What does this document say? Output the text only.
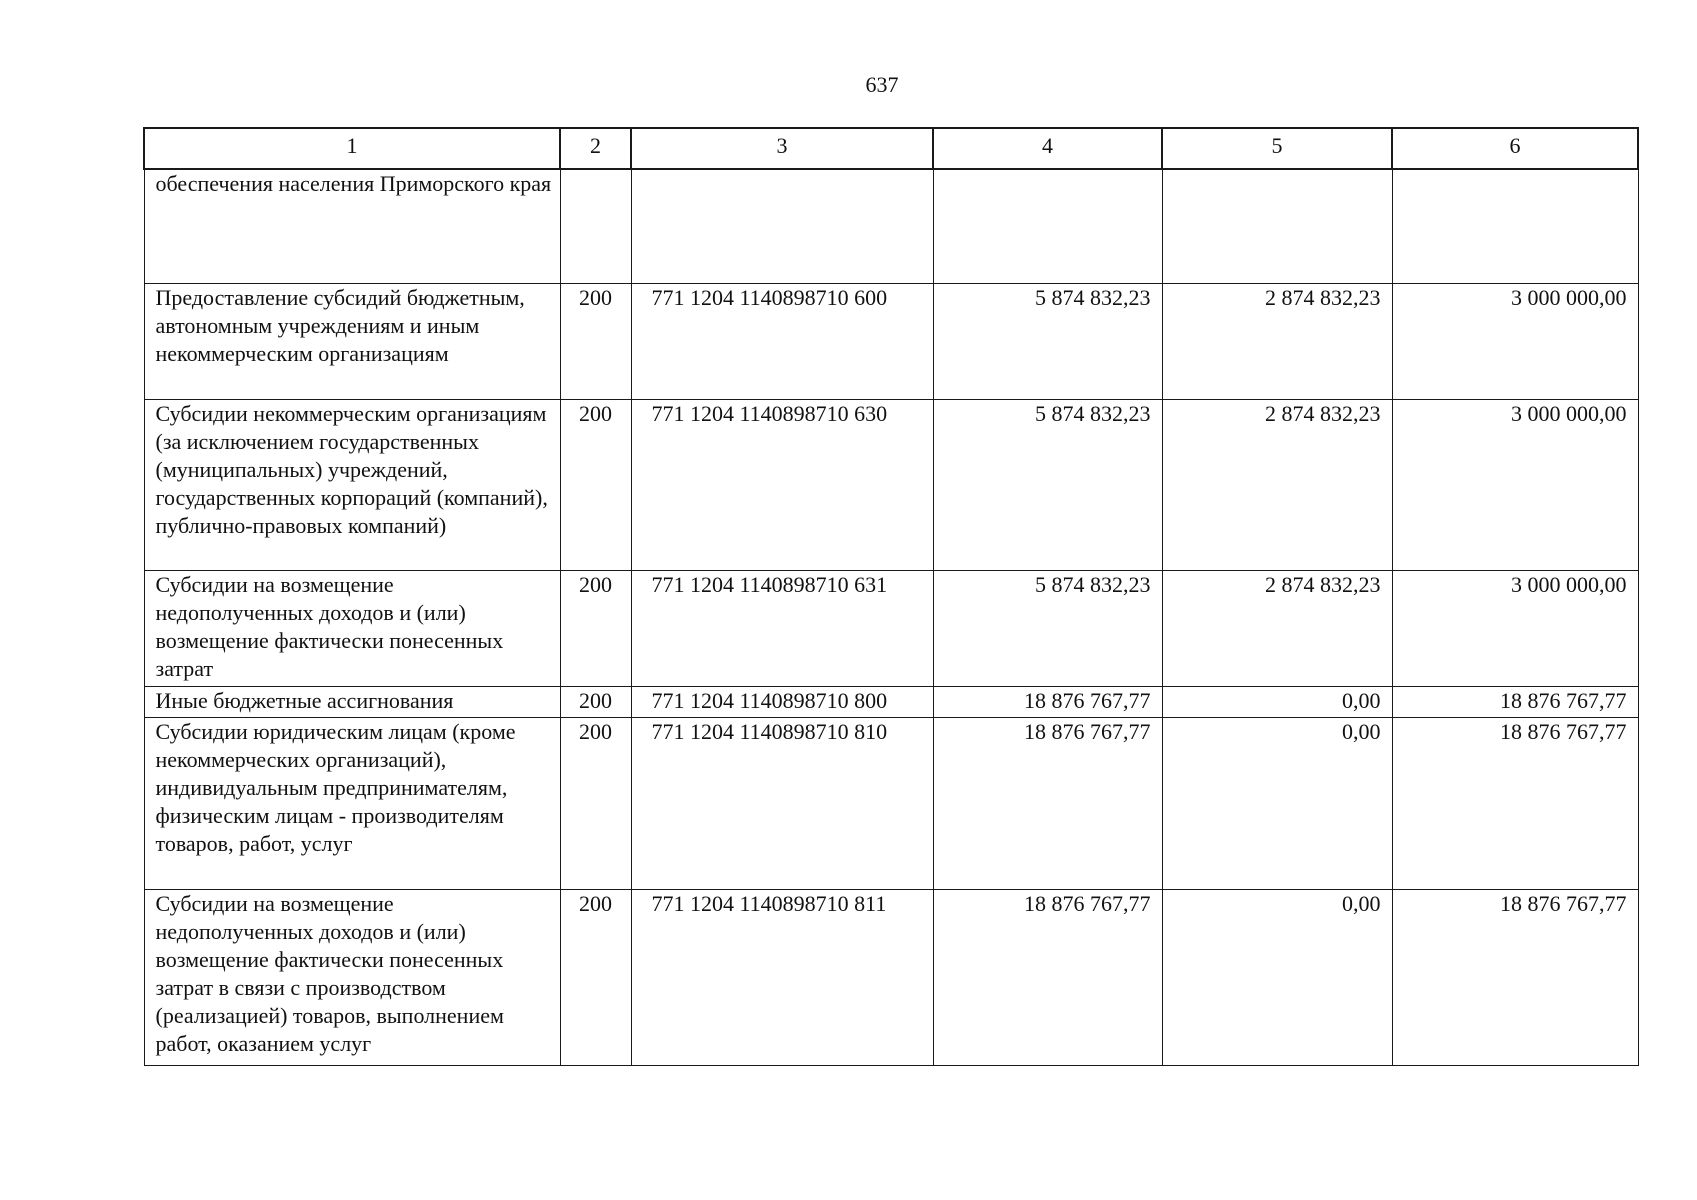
637
1	2	3	4	5	6
обеспечения населения Приморского края					
Предоставление субсидий бюджетным, автономным учреждениям и иным некоммерческим организациям	200	771 1204 1140898710 600	5 874 832,23	2 874 832,23	3 000 000,00
Субсидии некоммерческим организациям (за исключением государственных (муниципальных) учреждений, государственных корпораций (компаний), публично-правовых компаний)	200	771 1204 1140898710 630	5 874 832,23	2 874 832,23	3 000 000,00
Субсидии на возмещение недополученных доходов и (или) возмещение фактически понесенных затрат	200	771 1204 1140898710 631	5 874 832,23	2 874 832,23	3 000 000,00
Иные бюджетные ассигнования	200	771 1204 1140898710 800	18 876 767,77	0,00	18 876 767,77
Субсидии юридическим лицам (кроме некоммерческих организаций), индивидуальным предпринимателям, физическим лицам - производителям товаров, работ, услуг	200	771 1204 1140898710 810	18 876 767,77	0,00	18 876 767,77
Субсидии на возмещение недополученных доходов и (или) возмещение фактически понесенных затрат в связи с производством (реализацией) товаров, выполнением работ, оказанием услуг	200	771 1204 1140898710 811	18 876 767,77	0,00	18 876 767,77
